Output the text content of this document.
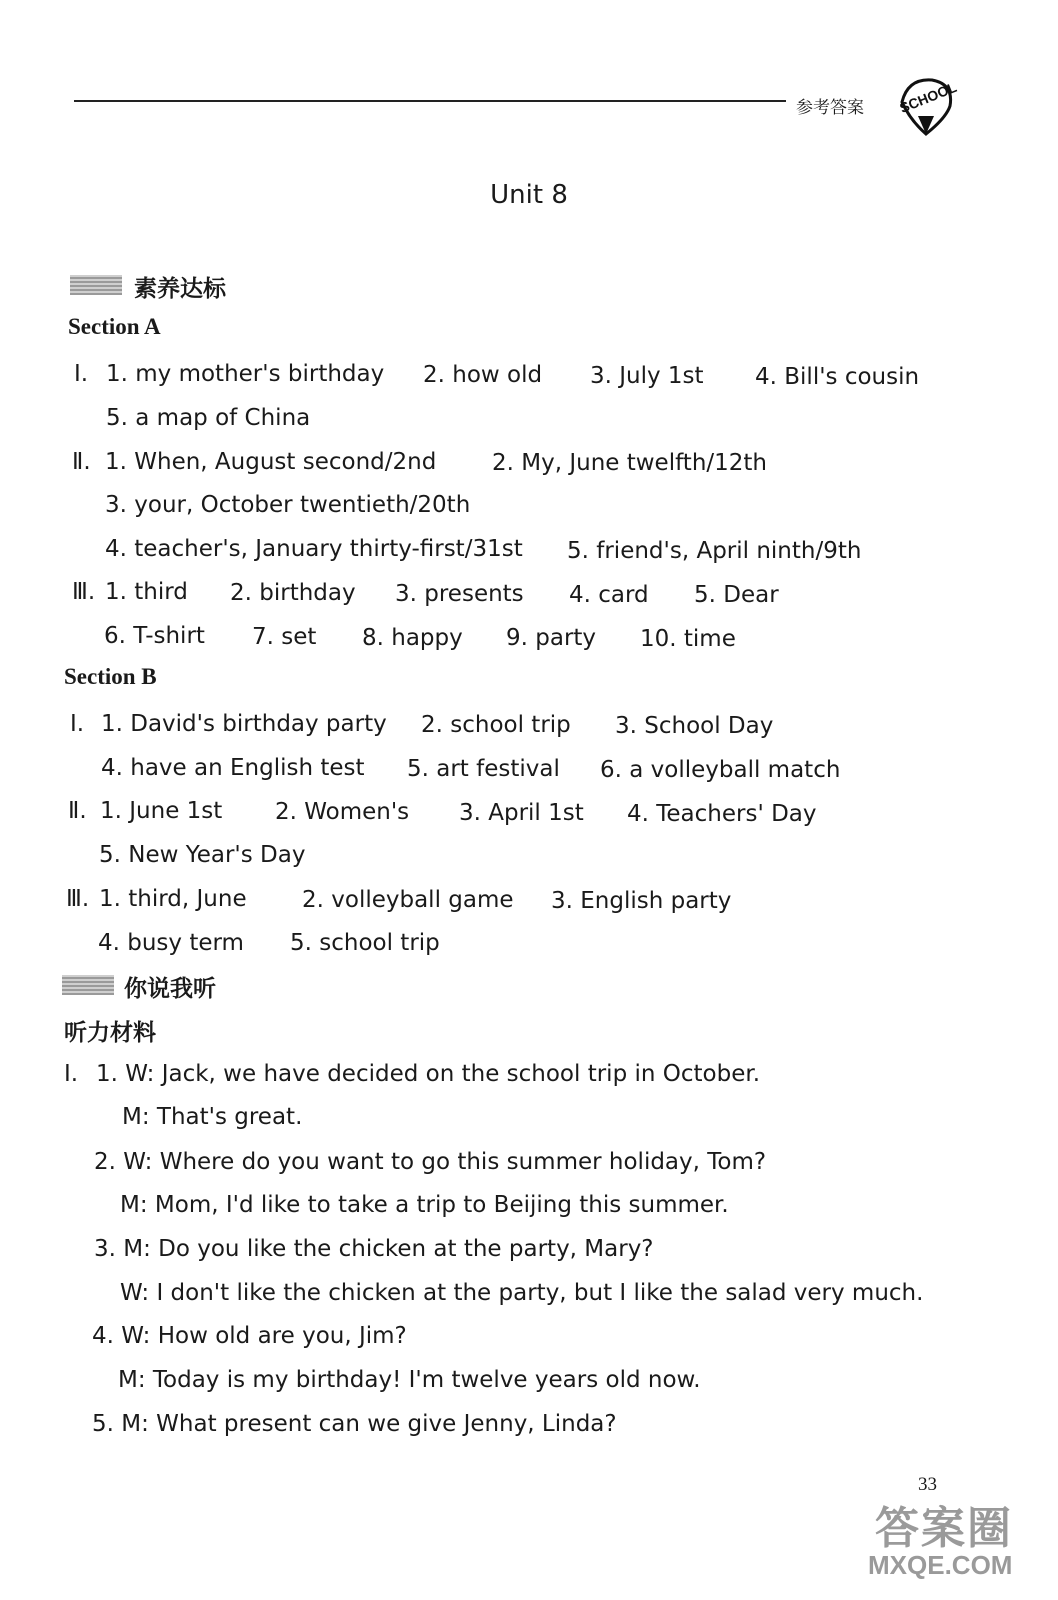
参考答案 SCHOOL
Unit 8
素养达标
Section A
Ⅰ. 1. my mother's birthday 2. how old 3. July 1st 4. Bill's cousin
5. a map of China
Ⅱ. 1. When, August second/2nd 2. My, June twelfth/12th
3. your, October twentieth/20th
4. teacher's, January thirty-first/31st 5. friend's, April ninth/9th
Ⅲ. 1. third 2. birthday 3. presents 4. card 5. Dear
6. T-shirt 7. set 8. happy 9. party 10. time
Section B
Ⅰ. 1. David's birthday party 2. school trip 3. School Day
4. have an English test 5. art festival 6. a volleyball match
Ⅱ. 1. June 1st 2. Women's 3. April 1st 4. Teachers' Day
5. New Year's Day
Ⅲ. 1. third, June 2. volleyball game 3. English party
4. busy term 5. school trip
你说我听
听力材料
Ⅰ. 1. W: Jack, we have decided on the school trip in October.
M: That's great.
2. W: Where do you want to go this summer holiday, Tom?
M: Mom, I'd like to take a trip to Beijing this summer.
3. M: Do you like the chicken at the party, Mary?
W: I don't like the chicken at the party, but I like the salad very much.
4. W: How old are you, Jim?
M: Today is my birthday! I'm twelve years old now.
5. M: What present can we give Jenny, Linda?
33
答案圈
MXQE.COM
